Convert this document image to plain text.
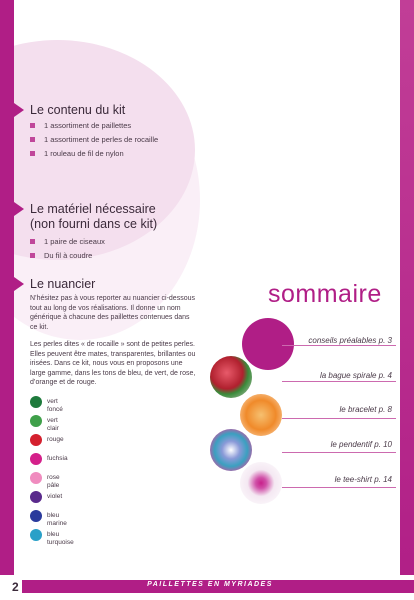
Le contenu du kit
1 assortiment de paillettes
1 assortiment de perles de rocaille
1 rouleau de fil de nylon
Le matériel nécessaire
(non fourni dans ce kit)
1 paire de ciseaux
Du fil à coudre
Le nuancier
N’hésitez pas à vous reporter au nuancier ci-dessous tout au long de vos réalisations. Il donne un nom générique à chacune des paillettes contenues dans ce kit.
Les perles dites « de rocaille » sont de petites perles. Elles peuvent être mates, transparentes, brillantes ou irisées. Dans ce kit, nous vous en proposons une large gamme, dans les tons de bleu, de vert, de rose, d’orange et de rouge.
vert foncé
vert clair
rouge
fuchsia
rose pâle
violet
bleu marine
bleu turquoise
sommaire
conseils préalables p. 3
la bague spirale p. 4
le bracelet p. 8
le pendentif p. 10
le tee-shirt p. 14
PAILLETTES EN MYRIADES
2
